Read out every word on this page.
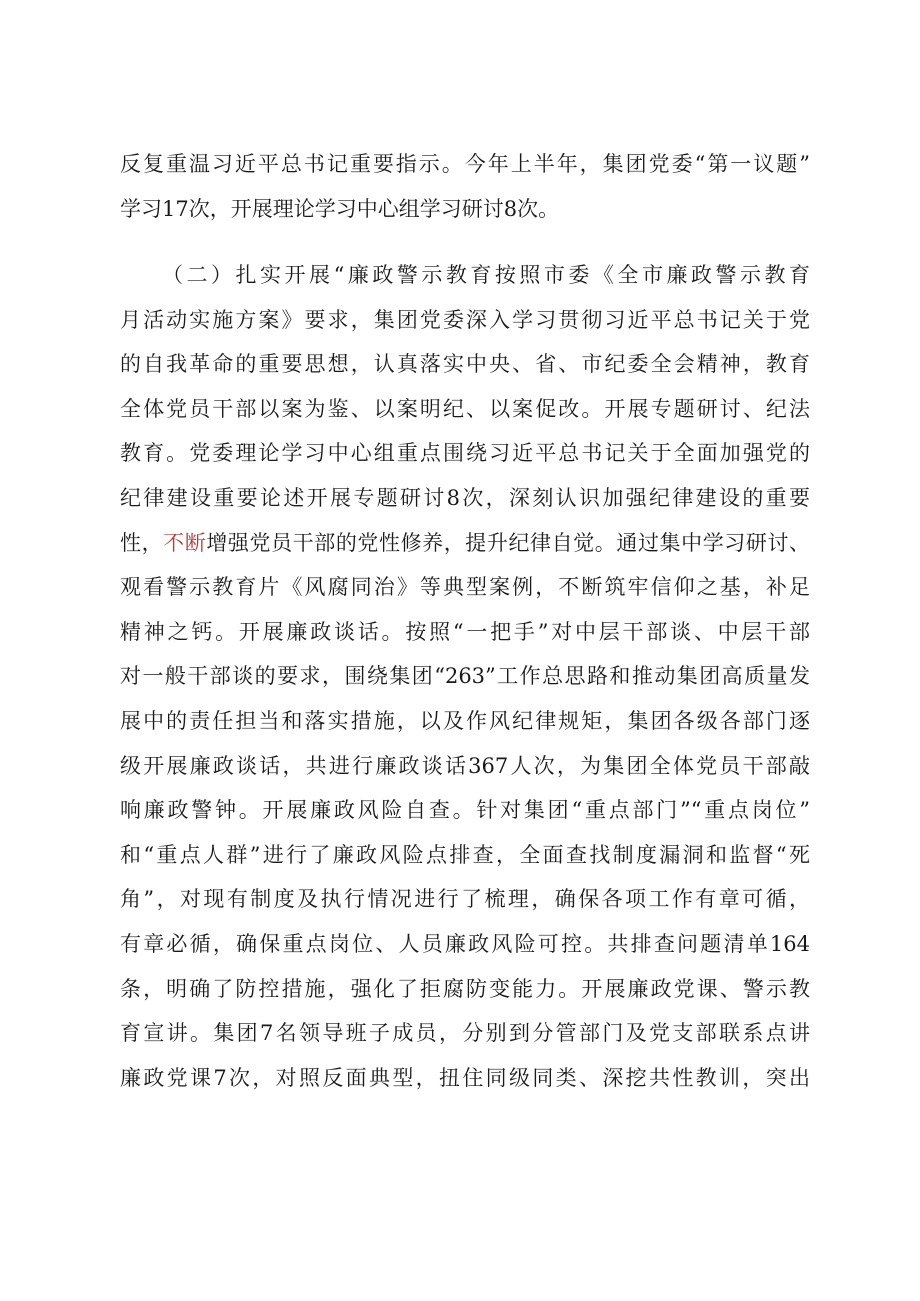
反复重温习近平总书记重要指示。今年上半年，集团党委“第一议题”
学习17次，开展理论学习中心组学习研讨8次。
（二）扎实开展“廉政警示教育按照市委《全市廉政警示教育
月活动实施方案》要求，集团党委深入学习贯彻习近平总书记关于党
的自我革命的重要思想，认真落实中央、省、市纪委全会精神，教育
全体党员干部以案为鉴、以案明纪、以案促改。开展专题研讨、纪法
教育。党委理论学习中心组重点围绕习近平总书记关于全面加强党的
纪律建设重要论述开展专题研讨8次，深刻认识加强纪律建设的重要
性，不断增强党员干部的党性修养，提升纪律自觉。通过集中学习研讨、
观看警示教育片《风腐同治》等典型案例，不断筑牢信仰之基，补足
精神之钙。开展廉政谈话。按照“一把手”对中层干部谈、中层干部
对一般干部谈的要求，围绕集团“263”工作总思路和推动集团高质量发
展中的责任担当和落实措施，以及作风纪律规矩，集团各级各部门逐
级开展廉政谈话，共进行廉政谈话367人次，为集团全体党员干部敲
响廉政警钟。开展廉政风险自查。针对集团“重点部门”“重点岗位”
和“重点人群”进行了廉政风险点排查，全面查找制度漏洞和监督“死
角”，对现有制度及执行情况进行了梳理，确保各项工作有章可循，
有章必循，确保重点岗位、人员廉政风险可控。共排查问题清单164
条，明确了防控措施，强化了拒腐防变能力。开展廉政党课、警示教
育宣讲。集团7名领导班子成员，分别到分管部门及党支部联系点讲
廉政党课7次，对照反面典型，扭住同级同类、深挖共性教训，突出
